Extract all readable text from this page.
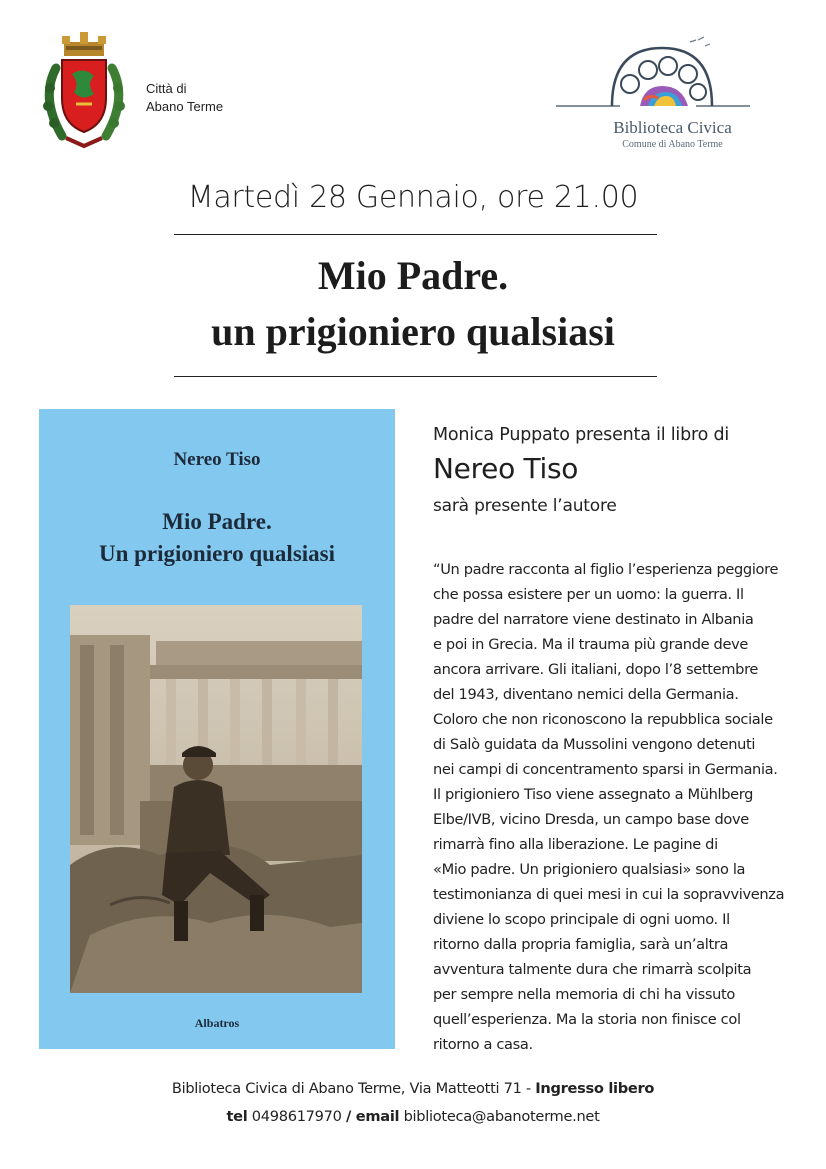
Città di
Abano Terme
Biblioteca Civica
Comune di Abano Terme
Martedì 28 Gennaio, ore 21.00
Mio Padre.
un prigioniero qualsiasi
Nereo Tiso
Mio Padre.
Un prigioniero qualsiasi
Albatros
Monica Puppato presenta il libro di
Nereo Tiso
sarà presente l’autore
“Un padre racconta al figlio l’esperienza peggiore
che possa esistere per un uomo: la guerra. Il
padre del narratore viene destinato in Albania
e poi in Grecia. Ma il trauma più grande deve
ancora arrivare. Gli italiani, dopo l’8 settembre
del 1943, diventano nemici della Germania.
Coloro che non riconoscono la repubblica sociale
di Salò guidata da Mussolini vengono detenuti
nei campi di concentramento sparsi in Germania.
Il prigioniero Tiso viene assegnato a Mühlberg
Elbe/IVB, vicino Dresda, un campo base dove
rimarrà fino alla liberazione. Le pagine di
«Mio padre. Un prigioniero qualsiasi» sono la
testimonianza di quei mesi in cui la sopravvivenza
diviene lo scopo principale di ogni uomo. Il
ritorno dalla propria famiglia, sarà un’altra
avventura talmente dura che rimarrà scolpita
per sempre nella memoria di chi ha vissuto
quell’esperienza. Ma la storia non finisce col
ritorno a casa.
Biblioteca Civica di Abano Terme, Via Matteotti 71 - Ingresso libero
tel 0498617970 / email biblioteca@abanoterme.net
